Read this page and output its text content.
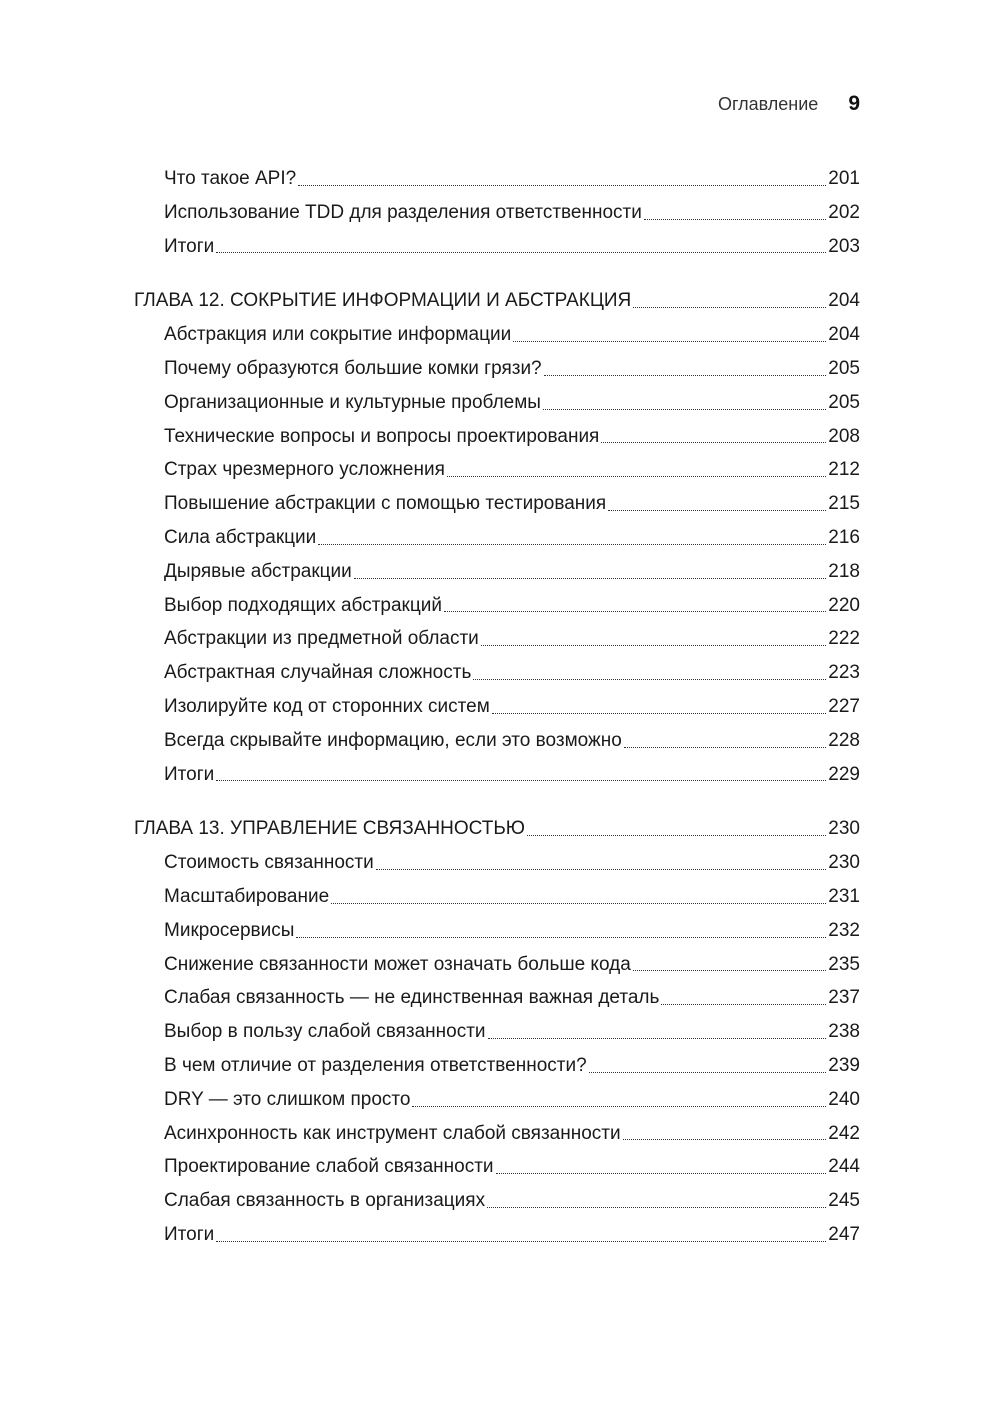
Оглавление 9
Что такое API?	201
Использование TDD для разделения ответственности	202
Итоги	203
ГЛАВА 12. СОКРЫТИЕ ИНФОРМАЦИИ И АБСТРАКЦИЯ	204
Абстракция или сокрытие информации	204
Почему образуются большие комки грязи?	205
Организационные и культурные проблемы	205
Технические вопросы и вопросы проектирования	208
Страх чрезмерного усложнения	212
Повышение абстракции с помощью тестирования	215
Сила абстракции	216
Дырявые абстракции	218
Выбор подходящих абстракций	220
Абстракции из предметной области	222
Абстрактная случайная сложность	223
Изолируйте код от сторонних систем	227
Всегда скрывайте информацию, если это возможно	228
Итоги	229
ГЛАВА 13. УПРАВЛЕНИЕ СВЯЗАННОСТЬЮ	230
Стоимость связанности	230
Масштабирование	231
Микросервисы	232
Снижение связанности может означать больше кода	235
Слабая связанность — не единственная важная деталь	237
Выбор в пользу слабой связанности	238
В чем отличие от разделения ответственности?	239
DRY — это слишком просто	240
Асинхронность как инструмент слабой связанности	242
Проектирование слабой связанности	244
Слабая связанность в организациях	245
Итоги	247
